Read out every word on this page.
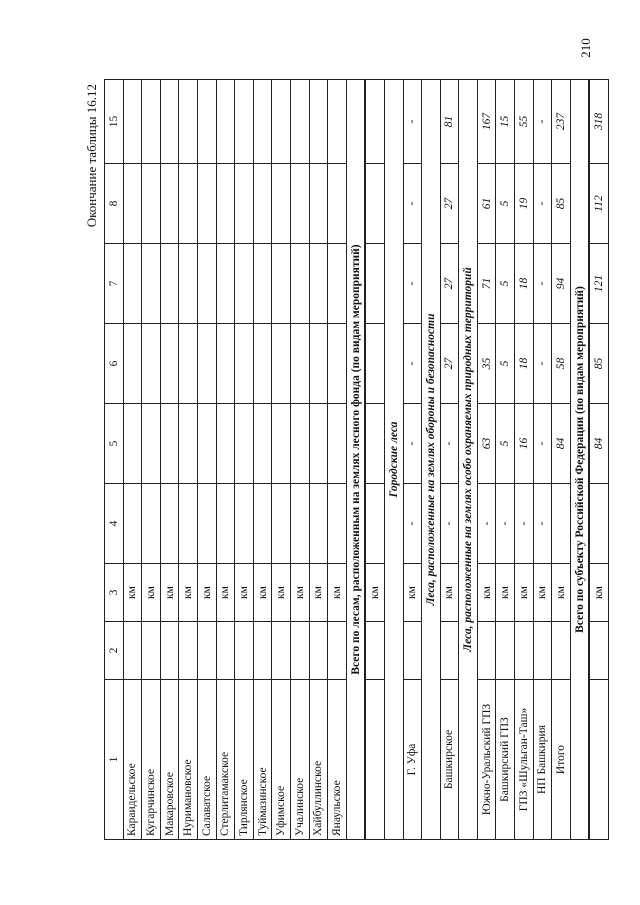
210
Окончание таблицы 16.12
1	2	3	4	5	6	7	8	15
Караидельское		км						
Кугарчинское		км						
Макаровское		км						
Нуримановское		км						
Салаватское		км						
Стерлитамакское		км						
Тирлянское		км						
Туймазинское		км						
Уфимское		км						
Учалинское		км						
Хайбуллинское		км						
Янаульское		км						
Всего по лесам, расположенным на землях лесного фонда (по видам мероприятий)								
		км						
Городские леса								
Г. Уфа		км	-	-	-	-	-	-
Леса, расположенные на землях обороны и безопасности								
Башкирское		км	-	-	27	27	27	81
Леса, расположенные на землях особо охраняемых природных территорий								
Южно-Уральский ГПЗ		км	-	63	35	71	61	167
Башкирский ГПЗ		км	-	5	5	5	5	15
ГПЗ «Шульган-Таш»		км	-	16	18	18	19	55
НП Башкирия		км	-	-	-	-	-	-
Итого		км		84	58	94	85	237
Всего по субъекту Российской Федерации (по видам мероприятий)								
		км		84	85	121	112	318
